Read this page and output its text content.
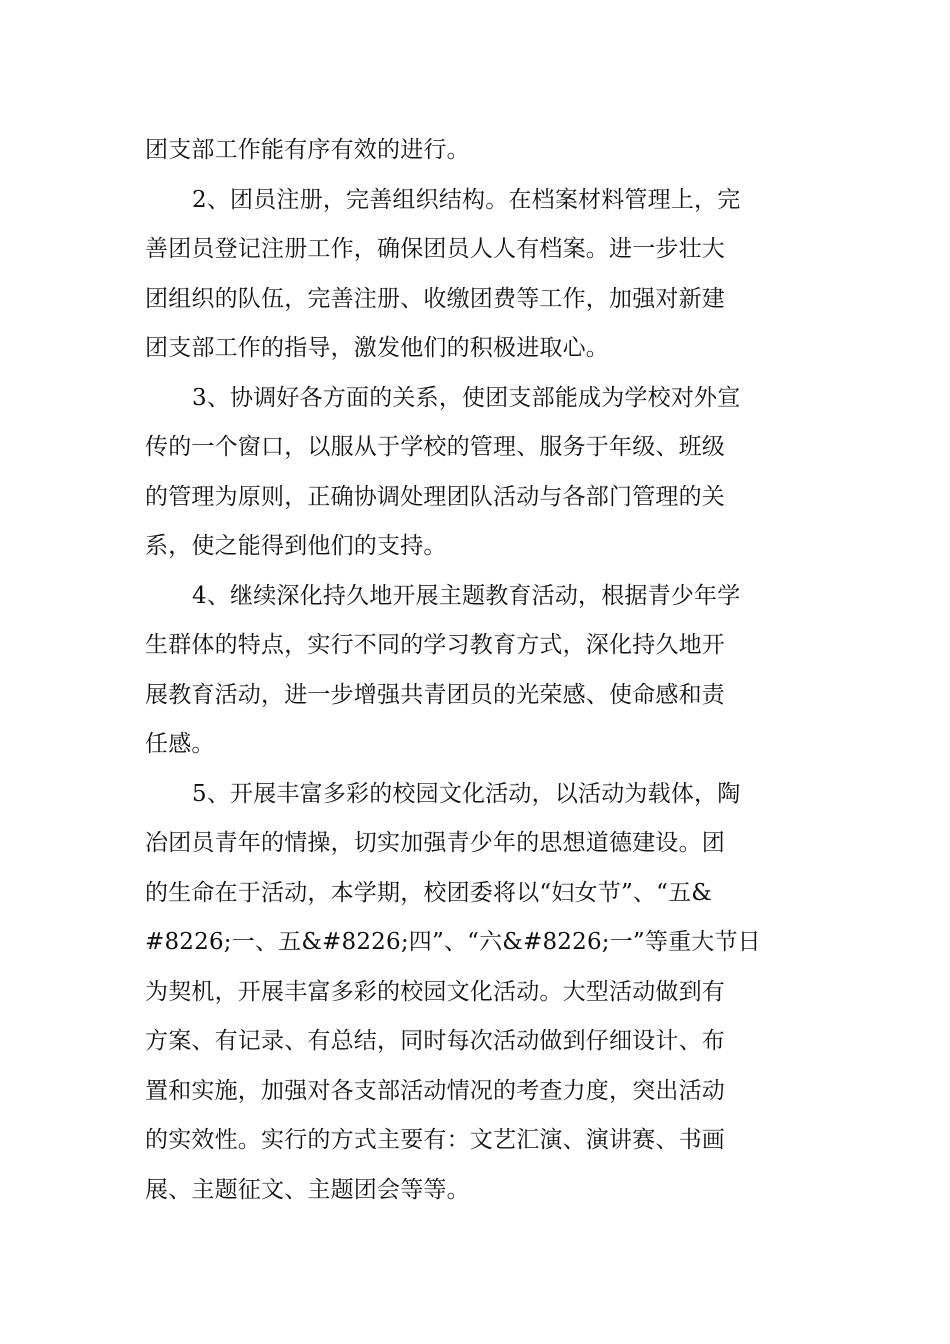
团支部工作能有序有效的进行。
2、团员注册，完善组织结构。在档案材料管理上，完
善团员登记注册工作，确保团员人人有档案。进一步壮大
团组织的队伍，完善注册、收缴团费等工作，加强对新建
团支部工作的指导，激发他们的积极进取心。
3、协调好各方面的关系，使团支部能成为学校对外宣
传的一个窗口，以服从于学校的管理、服务于年级、班级
的管理为原则，正确协调处理团队活动与各部门管理的关
系，使之能得到他们的支持。
4、继续深化持久地开展主题教育活动，根据青少年学
生群体的特点，实行不同的学习教育方式，深化持久地开
展教育活动，进一步增强共青团员的光荣感、使命感和责
任感。
5、开展丰富多彩的校园文化活动，以活动为载体，陶
冶团员青年的情操，切实加强青少年的思想道德建设。团
的生命在于活动，本学期，校团委将以“妇女节”、“五&
#8226;一、五&#8226;四”、“六&#8226;一”等重大节日
为契机，开展丰富多彩的校园文化活动。大型活动做到有
方案、有记录、有总结，同时每次活动做到仔细设计、布
置和实施，加强对各支部活动情况的考查力度，突出活动
的实效性。实行的方式主要有：文艺汇演、演讲赛、书画
展、主题征文、主题团会等等。
